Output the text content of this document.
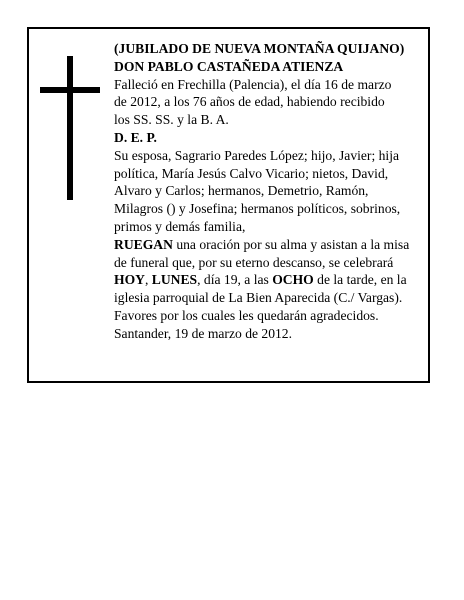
(JUBILADO DE NUEVA MONTAÑA QUIJANO)
DON PABLO CASTAÑEDA ATIENZA
Falleció en Frechilla (Palencia), el día 16 de marzo
de 2012, a los 76 años de edad, habiendo recibido
los SS. SS. y la B. A.
D. E. P.
Su esposa, Sagrario Paredes López; hijo, Javier; hija
política, María Jesús Calvo Vicario; nietos, David,
Alvaro y Carlos; hermanos, Demetrio, Ramón,
Milagros () y Josefina; hermanos políticos, sobrinos,
primos y demás familia,
RUEGAN una oración por su alma y asistan a la misa
de funeral que, por su eterno descanso, se celebrará
HOY, LUNES, día 19, a las OCHO de la tarde, en la
iglesia parroquial de La Bien Aparecida (C./ Vargas).
Favores por los cuales les quedarán agradecidos.
Santander, 19 de marzo de 2012.
